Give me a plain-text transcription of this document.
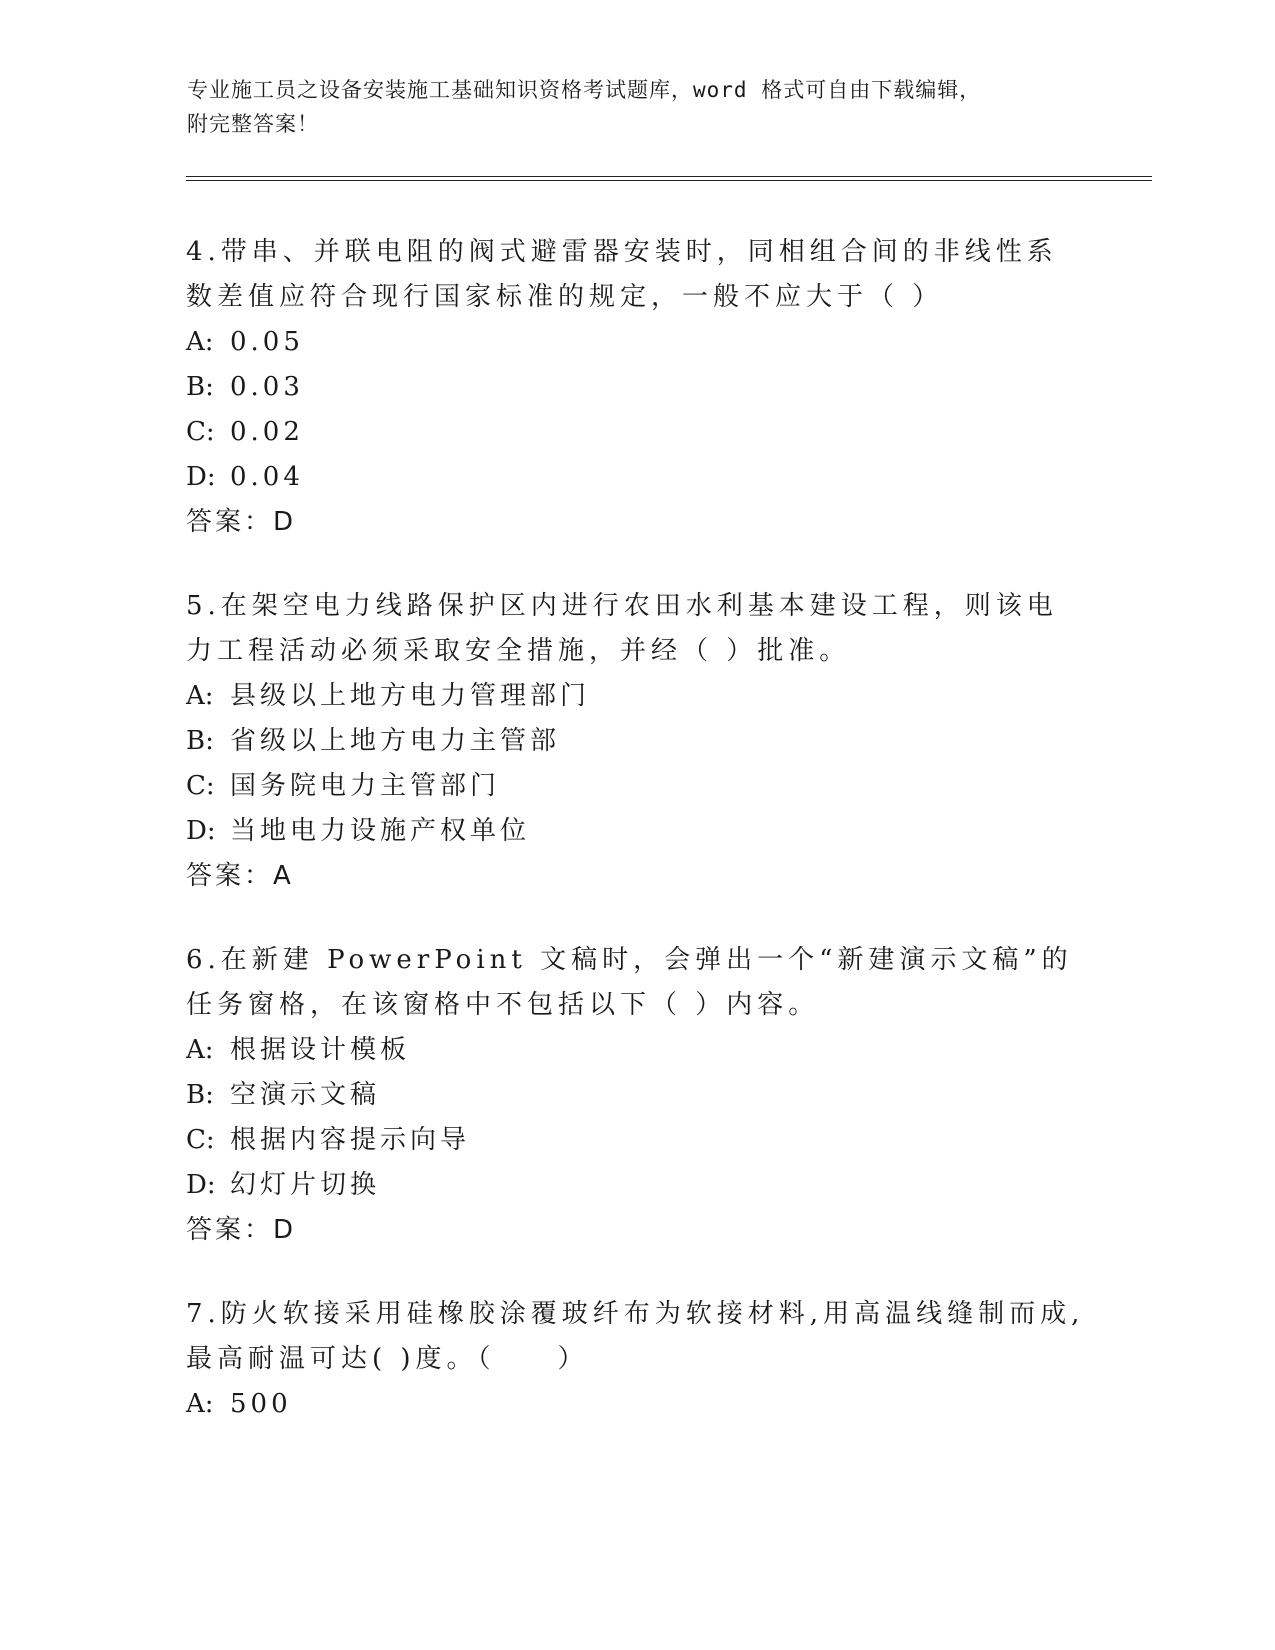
专业施工员之设备安装施工基础知识资格考试题库，word 格式可自由下载编辑，
附完整答案！

4.带串、并联电阻的阀式避雷器安装时，同相组合间的非线性系数差值应符合现行国家标准的规定，一般不应大于（ ）

A: 0.05
B: 0.03
C: 0.02
D: 0.04
答案：D

5.在架空电力线路保护区内进行农田水利基本建设工程，则该电力工程活动必须采取安全措施，并经（ ）批准。

A: 县级以上地方电力管理部门
B: 省级以上地方电力主管部
C: 国务院电力主管部门
D: 当地电力设施产权单位
答案：A

6.在新建 PowerPoint 文稿时，会弹出一个“新建演示文稿”的任务窗格，在该窗格中不包括以下（ ）内容。

A: 根据设计模板
B: 空演示文稿
C: 根据内容提示向导
D: 幻灯片切换
答案：D

7.防火软接采用硅橡胶涂覆玻纤布为软接材料,用高温线缝制而成,最高耐温可达( )度。（　　）

A: 500
